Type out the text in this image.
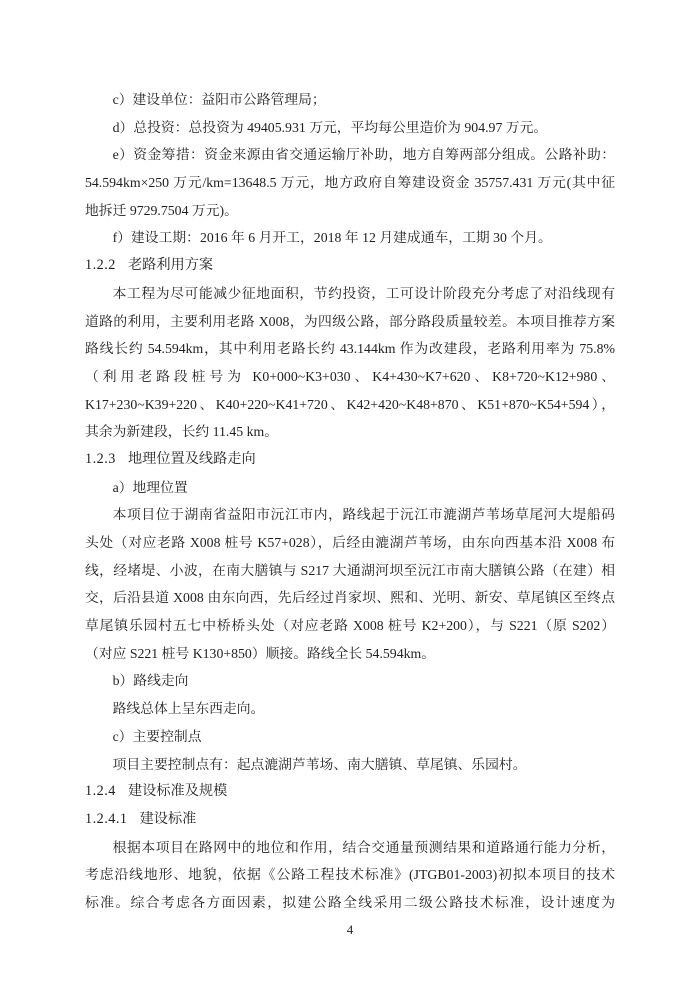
c）建设单位：益阳市公路管理局；
d）总投资：总投资为 49405.931 万元，平均每公里造价为 904.97 万元。
e）资金筹措：资金来源由省交通运输厅补助，地方自筹两部分组成。公路补助：
54.594km×250 万元/km=13648.5 万元，地方政府自筹建设资金 35757.431 万元(其中征
地拆迁 9729.7504 万元)。
f）建设工期：2016 年 6 月开工，2018 年 12 月建成通车，工期 30 个月。
1.2.2 老路利用方案
本工程为尽可能减少征地面积，节约投资，工可设计阶段充分考虑了对沿线现有
道路的利用，主要利用老路 X008，为四级公路，部分路段质量较差。本项目推荐方案
路线长约 54.594km，其中利用老路长约 43.144km 作为改建段，老路利用率为 75.8%
（利用老路段桩号为 K0+000~K3+030、K4+430~K7+620、K8+720~K12+980、
K17+230~K39+220、K40+220~K41+720、K42+420~K48+870、K51+870~K54+594），
其余为新建段，长约 11.45 km。
1.2.3 地理位置及线路走向
a）地理位置
本项目位于湖南省益阳市沅江市内，路线起于沅江市漉湖芦苇场草尾河大堤船码
头处（对应老路 X008 桩号 K57+028），后经由漉湖芦苇场，由东向西基本沿 X008 布
线，经堵堤、小波，在南大膳镇与 S217 大通湖河坝至沅江市南大膳镇公路（在建）相
交，后沿县道 X008 由东向西，先后经过肖家坝、熙和、光明、新安、草尾镇区至终点
草尾镇乐园村五七中桥桥头处（对应老路 X008 桩号 K2+200），与 S221（原 S202）
（对应 S221 桩号 K130+850）顺接。路线全长 54.594km。
b）路线走向
路线总体上呈东西走向。
c）主要控制点
项目主要控制点有：起点漉湖芦苇场、南大膳镇、草尾镇、乐园村。
1.2.4 建设标准及规模
1.2.4.1 建设标准
根据本项目在路网中的地位和作用，结合交通量预测结果和道路通行能力分析，
考虑沿线地形、地貌，依据《公路工程技术标准》(JTGB01-2003)初拟本项目的技术
标准。综合考虑各方面因素，拟建公路全线采用二级公路技术标准，设计速度为
4
